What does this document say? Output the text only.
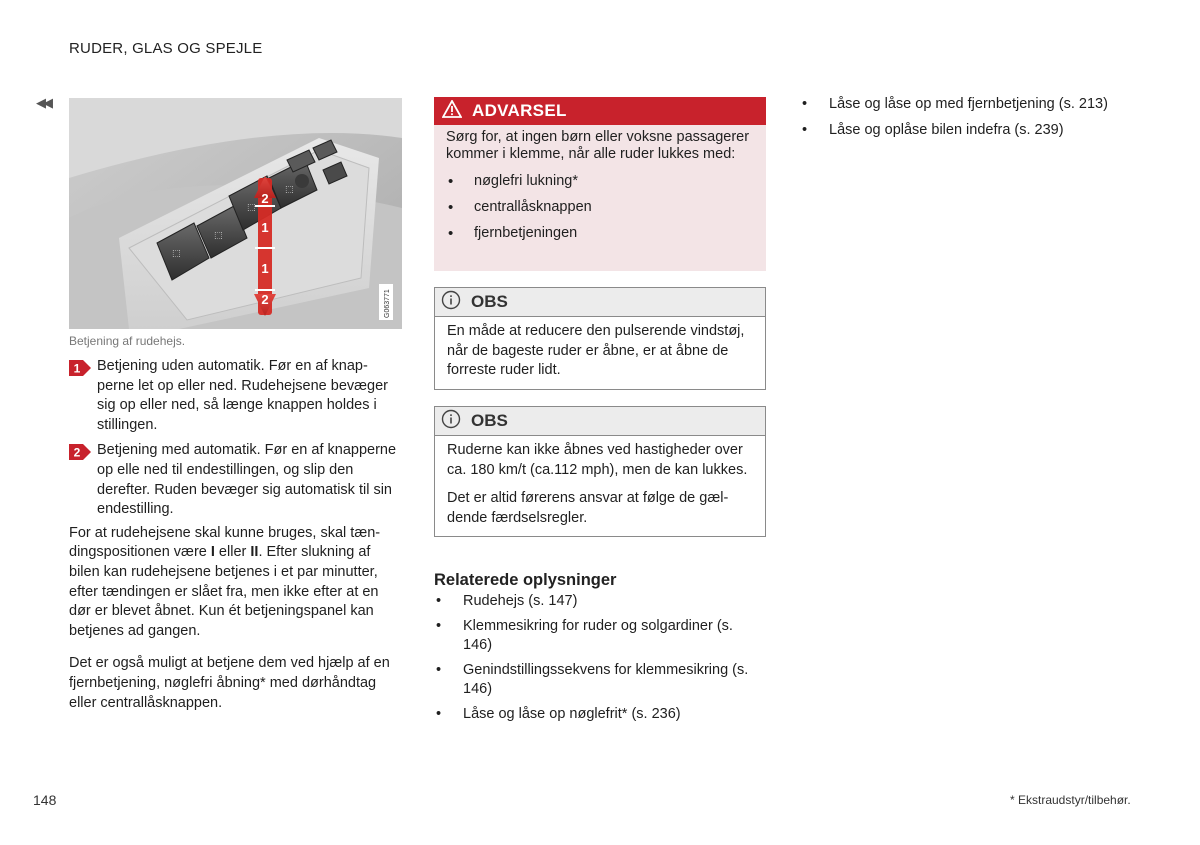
RUDER, GLAS OG SPEJLE
◀◀
⬚
⬚
⬚
⬚
2
1
1
2	G063771
Betjening af rudehejs.
1 Betjening uden automatik. Før en af knapperne let op eller ned. Rudehejsene bevæger sig op eller ned, så længe knappen holdes i stillingen.
2 Betjening med automatik. Før en af knapperne op elle ned til endestillingen, og slip den derefter. Ruden bevæger sig automatisk til sin endestilling.

For at rudehejsene skal kunne bruges, skal tændingspositionen være I eller II. Efter slukning af bilen kan rudehejsene betjenes i et par minutter, efter tændingen er slået fra, men ikke efter at en dør er blevet åbnet. Kun ét betjeningspanel kan betjenes ad gangen.

Det er også muligt at betjene dem ved hjælp af en fjernbetjening, nøglefri åbning* med dørhåndtag eller centrallåsknappen.

ADVARSEL
Sørg for, at ingen børn eller voksne passagerer kommer i klemme, når alle ruder lukkes med:
• nøglefri lukning*
• centrallåsknappen
• fjernbetjeningen
OBS

En måde at reducere den pulserende vindstøj, når de bageste ruder er åbne, er at åbne de forreste ruder lidt.

OBS

Ruderne kan ikke åbnes ved hastigheder over ca. 180 km/t (ca.112 mph), men de kan lukkes.

Det er altid førerens ansvar at følge de gældende færdselsregler.

Relaterede oplysninger
• Rudehejs (s. 147)
• Klemmesikring for ruder og solgardiner (s. 146)
• Genindstillingssekvens for klemmesikring (s. 146)
• Låse og låse op nøglefrit* (s. 236)
• Låse og låse op med fjernbetjening (s. 213)
• Låse og oplåse bilen indefra (s. 239)
148	* Ekstraudstyr/tilbehør.
